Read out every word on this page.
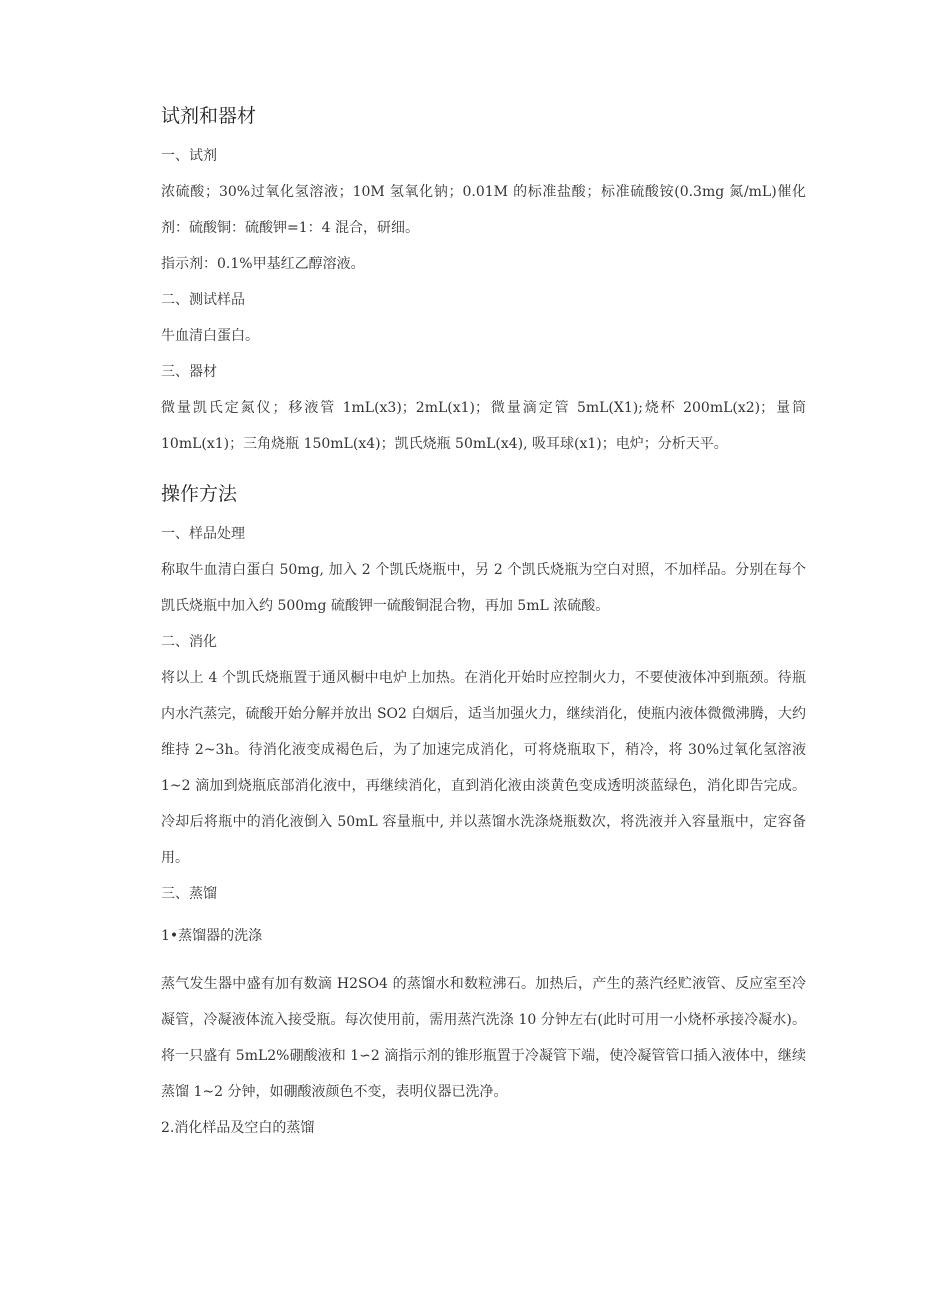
试剂和器材

一、试剂

浓硫酸；30%过氧化氢溶液；10M 氢氧化钠；0.01M 的标准盐酸；标准硫酸铵(0.3mg 氮/mL)催化剂：硫酸铜：硫酸钾=1：4 混合，研细。

指示剂：0.1%甲基红乙醇溶液。

二、测试样品

牛血清白蛋白。

三、器材

微量凯氏定氮仪；移液管 1mL(x3)；2mL(x1)；微量滴定管 5mL(X1);烧杯 200mL(x2)；量筒 10mL(x1)；三角烧瓶 150mL(x4)；凯氏烧瓶 50mL(x4), 吸耳球(x1)；电炉；分析天平。

操作方法

一、样品处理

称取牛血清白蛋白 50mg, 加入 2 个凯氏烧瓶中，另 2 个凯氏烧瓶为空白对照，不加样品。分别在每个凯氏烧瓶中加入约 500mg 硫酸钾一硫酸铜混合物，再加 5mL 浓硫酸。

二、消化

将以上 4 个凯氏烧瓶置于通风橱中电炉上加热。在消化开始时应控制火力，不要使液体冲到瓶颈。待瓶内水汽蒸完，硫酸开始分解并放出 SO2 白烟后，适当加强火力，继续消化，使瓶内液体微微沸腾，大约维持 2~3h。待消化液变成褐色后，为了加速完成消化，可将烧瓶取下，稍冷，将 30%过氧化氢溶液 1~2 滴加到烧瓶底部消化液中，再继续消化，直到消化液由淡黄色变成透明淡蓝绿色，消化即告完成。冷却后将瓶中的消化液倒入 50mL 容量瓶中, 并以蒸馏水洗涤烧瓶数次，将洗液并入容量瓶中，定容备用。

三、蒸馏

1•蒸馏器的洗涤

蒸气发生器中盛有加有数滴 H2SO4 的蒸馏水和数粒沸石。加热后，产生的蒸汽经贮液管、反应室至冷凝管，冷凝液体流入接受瓶。每次使用前，需用蒸汽洗涤 10 分钟左右(此时可用一小烧杯承接冷凝水)。将一只盛有 5mL2%硼酸液和 1∽2 滴指示剂的锥形瓶置于冷凝管下端，使冷凝管管口插入液体中，继续蒸馏 1~2 分钟，如硼酸液颜色不变，表明仪器已洗净。

2.消化样品及空白的蒸馏
